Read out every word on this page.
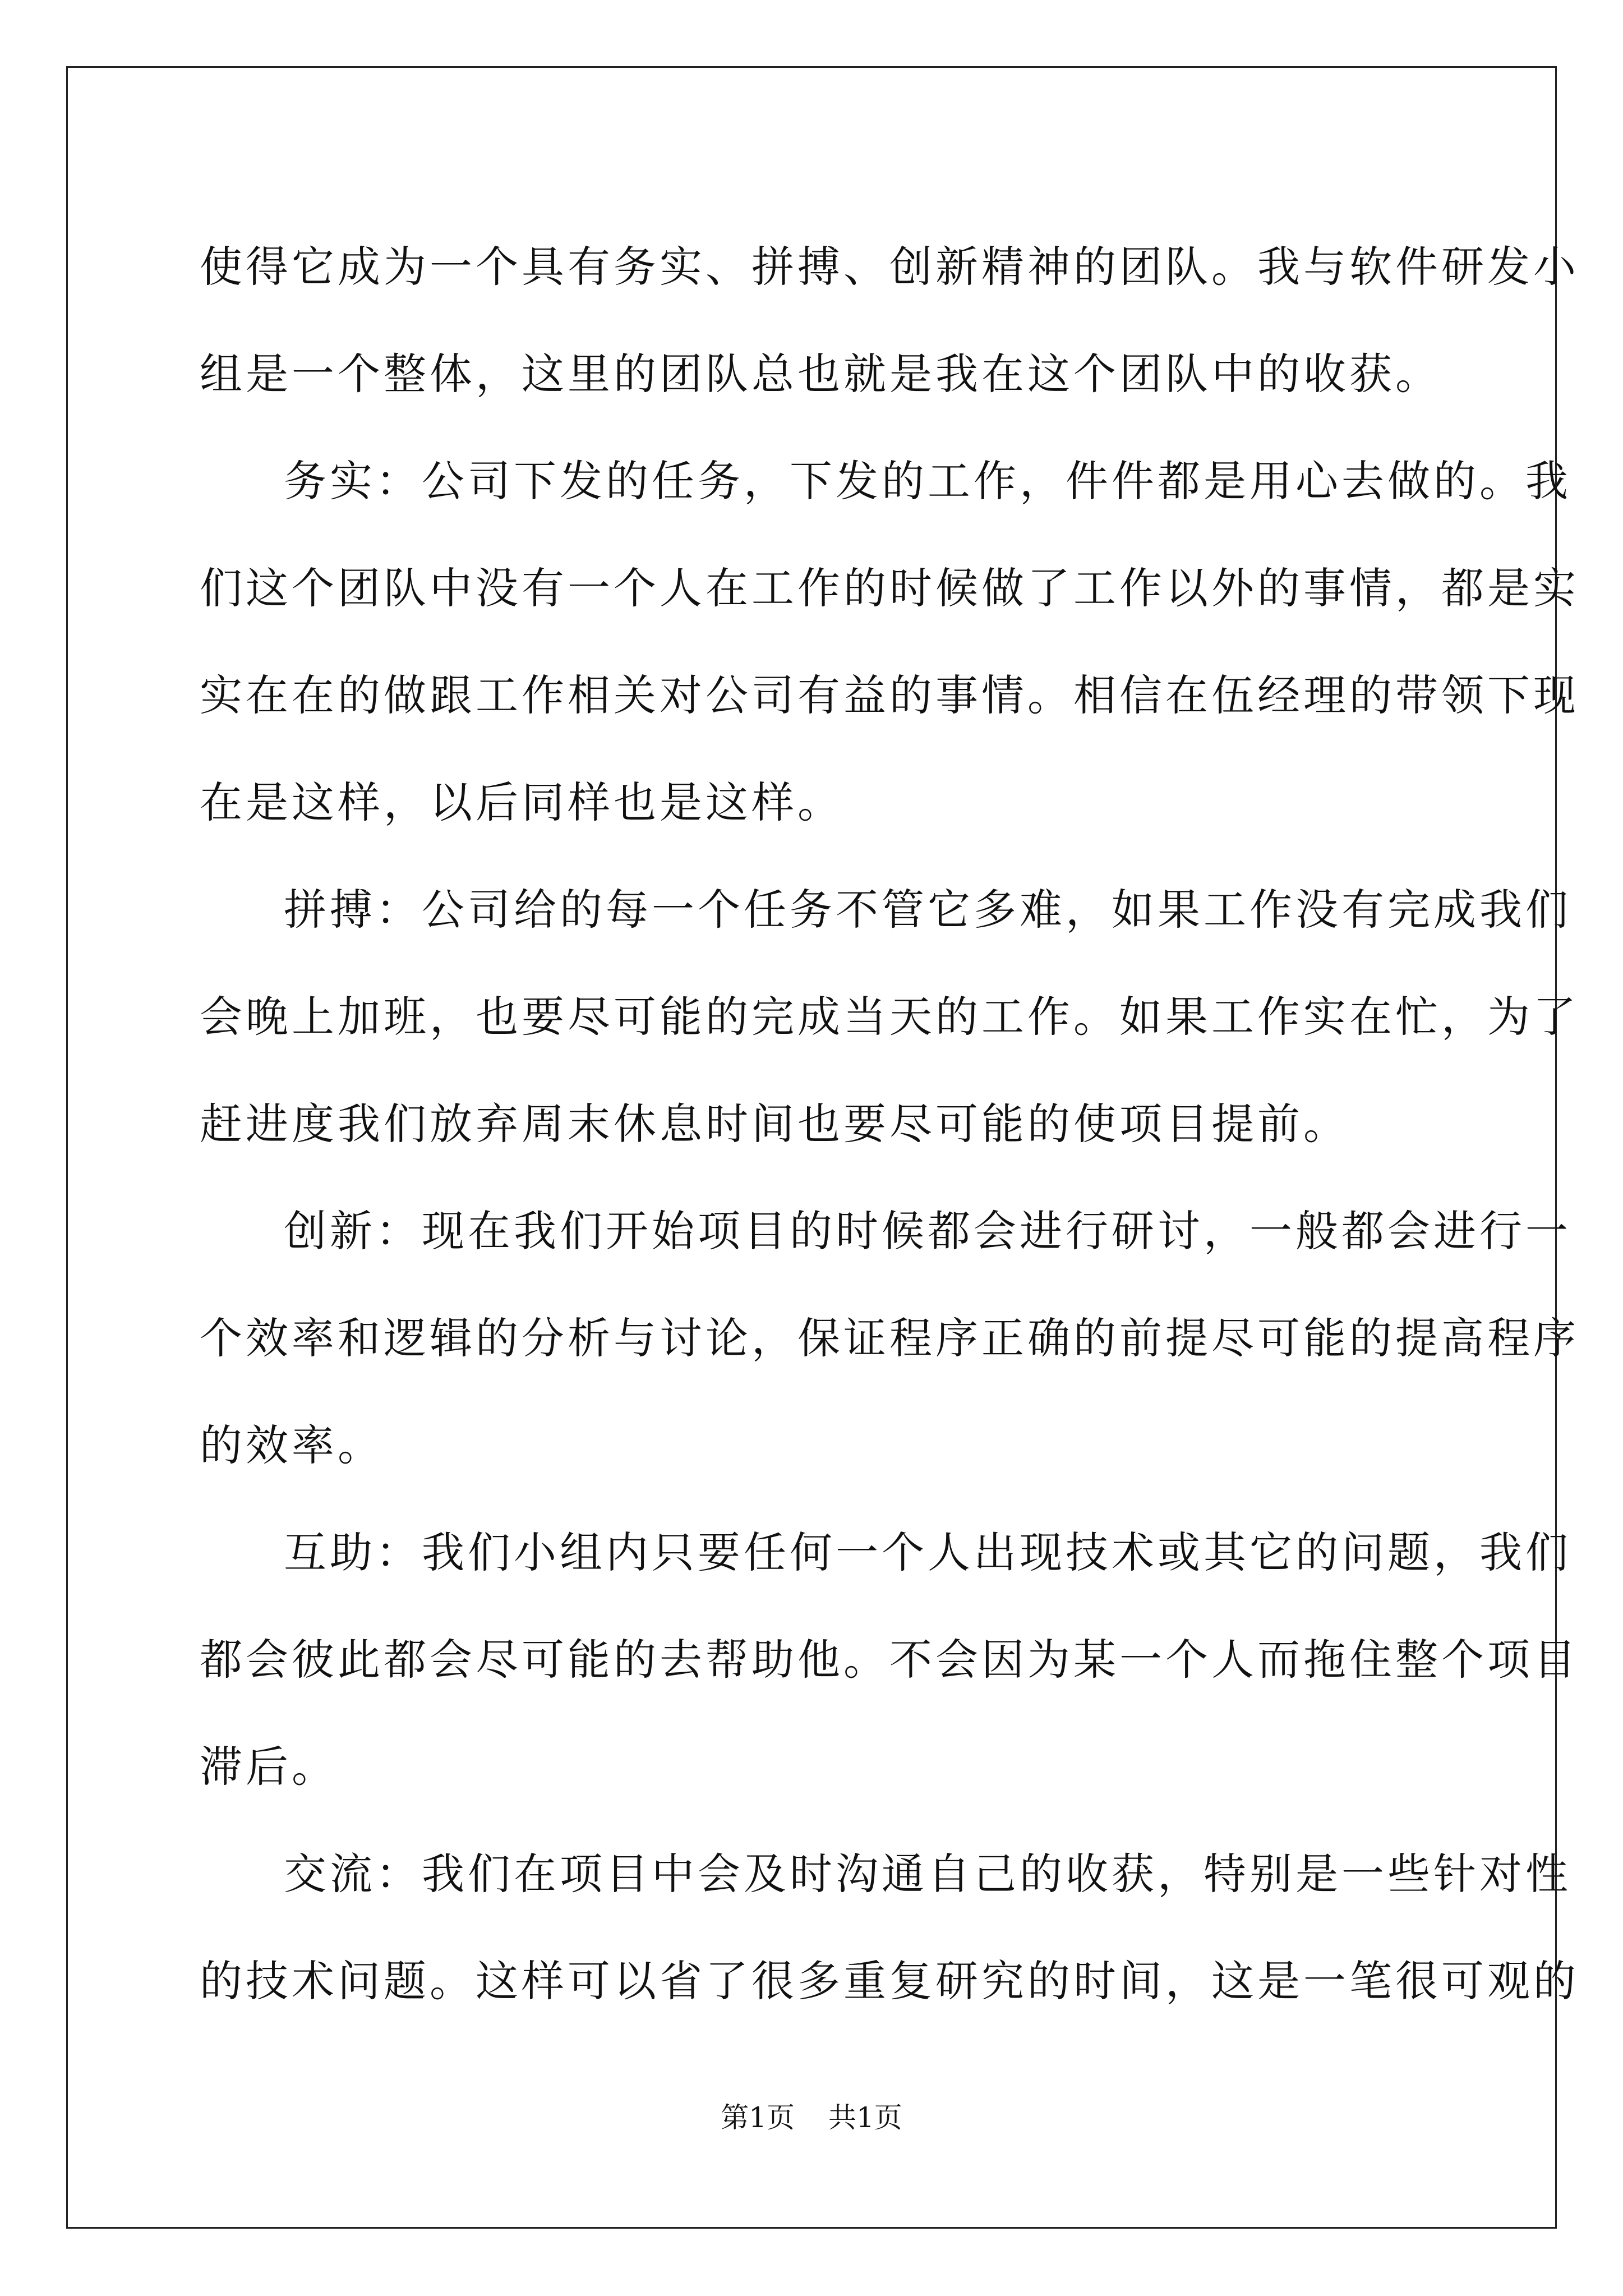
使得它成为一个具有务实、拼搏、创新精神的团队。我与软件研发小
组是一个整体，这里的团队总也就是我在这个团队中的收获。
务实：公司下发的任务，下发的工作，件件都是用心去做的。我
们这个团队中没有一个人在工作的时候做了工作以外的事情，都是实
实在在的做跟工作相关对公司有益的事情。相信在伍经理的带领下现
在是这样，以后同样也是这样。
拼搏：公司给的每一个任务不管它多难，如果工作没有完成我们
会晚上加班，也要尽可能的完成当天的工作。如果工作实在忙，为了
赶进度我们放弃周末休息时间也要尽可能的使项目提前。
创新：现在我们开始项目的时候都会进行研讨，一般都会进行一
个效率和逻辑的分析与讨论，保证程序正确的前提尽可能的提高程序
的效率。
互助：我们小组内只要任何一个人出现技术或其它的问题，我们
都会彼此都会尽可能的去帮助他。不会因为某一个人而拖住整个项目
滞后。
交流：我们在项目中会及时沟通自己的收获，特别是一些针对性
的技术问题。这样可以省了很多重复研究的时间，这是一笔很可观的
第1页 共1页
